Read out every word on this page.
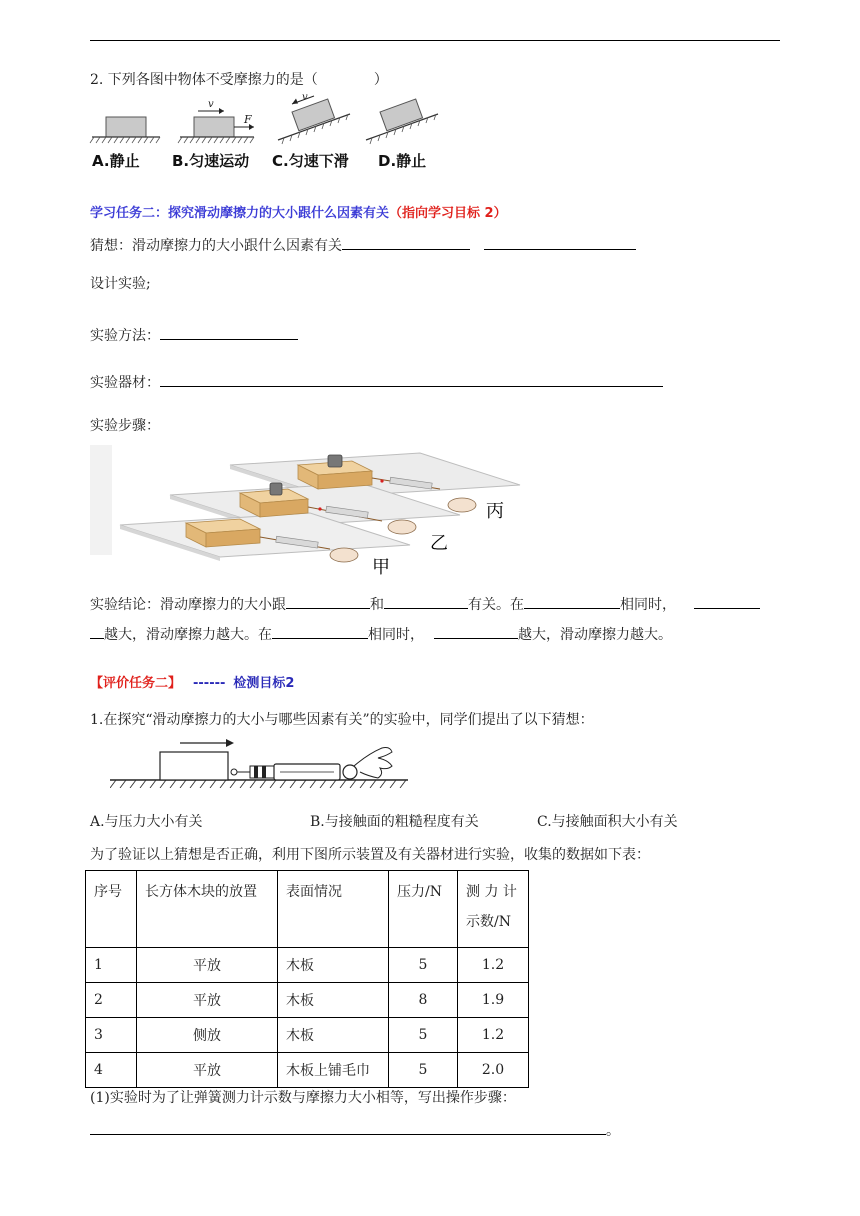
2. 下列各图中物体不受摩擦力的是（	）
v
F
v
A.静止 B.匀速运动 C.匀速下滑 D.静止
学习任务二：探究滑动摩擦力的大小跟什么因素有关（指向学习目标 2）
猜想：滑动摩擦力的大小跟什么因素有关
设计实验;
实验方法：
实验器材：
实验步骤：
丙
乙
甲
实验结论：滑动摩擦力的大小跟	和	有关。在	相同时，
越大，滑动摩擦力越大。在	相同时，	越大，滑动摩擦力越大。
【评价任务二】 ------ 检测目标2
1.在探究“滑动摩擦力的大小与哪些因素有关”的实验中，同学们提出了以下猜想：
A.与压力大小有关	B.与接触面的粗糙程度有关	C.与接触面积大小有关
为了验证以上猜想是否正确，利用下图所示装置及有关器材进行实验，收集的数据如下表：
序号	长方体木块的放置	表面情况	压力/N	测 力 计
示数/N
1	平放	木板	5	1.2
2	平放	木板	8	1.9
3	侧放	木板	5	1.2
4	平放	木板上铺毛巾	5	2.0
(1)实验时为了让弹簧测力计示数与摩擦力大小相等，写出操作步骤：
。
